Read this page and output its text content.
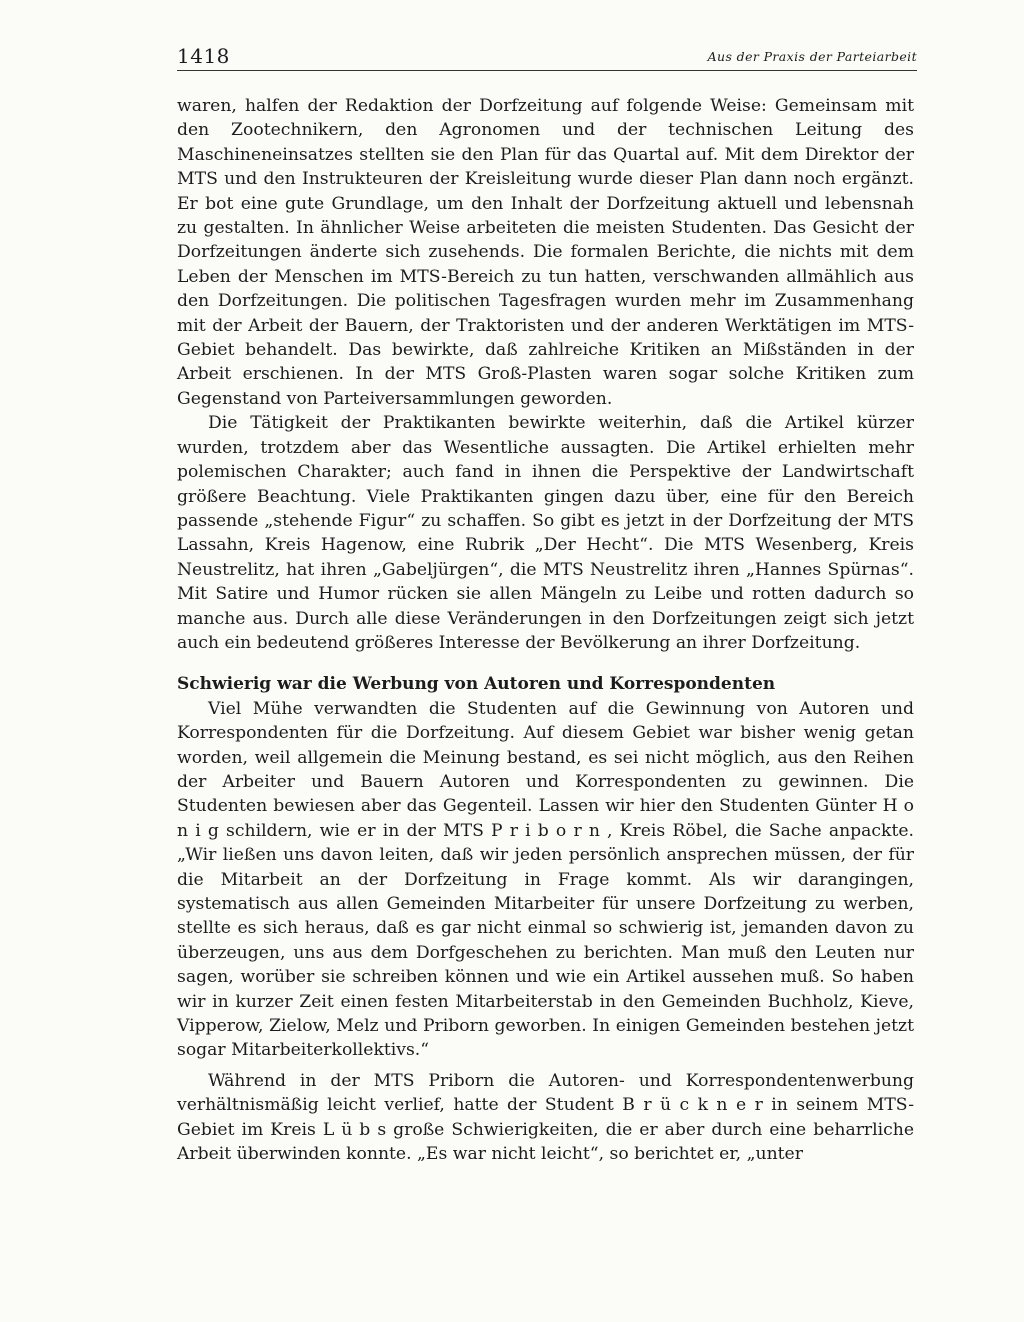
1418	Aus der Praxis der Parteiarbeit

waren, halfen der Redaktion der Dorfzeitung auf folgende Weise: Gemeinsam mit den Zootechnikern, den Agronomen und der technischen Leitung des Maschineneinsatzes stellten sie den Plan für das Quartal auf. Mit dem Direktor der MTS und den Instrukteuren der Kreisleitung wurde dieser Plan dann noch ergänzt. Er bot eine gute Grundlage, um den Inhalt der Dorfzeitung aktuell und lebensnah zu gestalten. In ähnlicher Weise arbeiteten die meisten Studenten. Das Gesicht der Dorfzeitungen änderte sich zusehends. Die formalen Berichte, die nichts mit dem Leben der Menschen im MTS-Bereich zu tun hatten, verschwanden allmählich aus den Dorfzeitungen. Die politischen Tagesfragen wurden mehr im Zusammenhang mit der Arbeit der Bauern, der Traktoristen und der anderen Werktätigen im MTS-Gebiet behandelt. Das bewirkte, daß zahlreiche Kritiken an Mißständen in der Arbeit erschienen. In der MTS Groß-Plasten waren sogar solche Kritiken zum Gegenstand von Parteiversammlungen geworden.

Die Tätigkeit der Praktikanten bewirkte weiterhin, daß die Artikel kürzer wurden, trotzdem aber das Wesentliche aussagten. Die Artikel erhielten mehr polemischen Charakter; auch fand in ihnen die Perspektive der Landwirtschaft größere Beachtung. Viele Praktikanten gingen dazu über, eine für den Bereich passende „stehende Figur“ zu schaffen. So gibt es jetzt in der Dorfzeitung der MTS Lassahn, Kreis Hagenow, eine Rubrik „Der Hecht“. Die MTS Wesenberg, Kreis Neustrelitz, hat ihren „Gabeljürgen“, die MTS Neustrelitz ihren „Hannes Spürnas“. Mit Satire und Humor rücken sie allen Mängeln zu Leibe und rotten dadurch so manche aus. Durch alle diese Veränderungen in den Dorfzeitungen zeigt sich jetzt auch ein bedeutend größeres Interesse der Bevölkerung an ihrer Dorfzeitung.

Schwierig war die Werbung von Autoren und Korrespondenten

Viel Mühe verwandten die Studenten auf die Gewinnung von Autoren und Korrespondenten für die Dorfzeitung. Auf diesem Gebiet war bisher wenig getan worden, weil allgemein die Meinung bestand, es sei nicht möglich, aus den Reihen der Arbeiter und Bauern Autoren und Korrespondenten zu gewinnen. Die Studenten bewiesen aber das Gegenteil. Lassen wir hier den Studenten Günter H o n i g schildern, wie er in der MTS P r i b o r n , Kreis Röbel, die Sache anpackte. „Wir ließen uns davon leiten, daß wir jeden persönlich ansprechen müssen, der für die Mitarbeit an der Dorfzeitung in Frage kommt. Als wir darangingen, systematisch aus allen Gemeinden Mitarbeiter für unsere Dorfzeitung zu werben, stellte es sich heraus, daß es gar nicht einmal so schwierig ist, jemanden davon zu überzeugen, uns aus dem Dorfgeschehen zu berichten. Man muß den Leuten nur sagen, worüber sie schreiben können und wie ein Artikel aussehen muß. So haben wir in kurzer Zeit einen festen Mitarbeiterstab in den Gemeinden Buchholz, Kieve, Vipperow, Zielow, Melz und Priborn geworben. In einigen Gemeinden bestehen jetzt sogar Mitarbeiterkollektivs.“

Während in der MTS Priborn die Autoren- und Korrespondentenwerbung verhältnismäßig leicht verlief, hatte der Student B r ü c k n e r in seinem MTS-Gebiet im Kreis L ü b s große Schwierigkeiten, die er aber durch eine beharrliche Arbeit überwinden konnte. „Es war nicht leicht“, so berichtet er, „unter
